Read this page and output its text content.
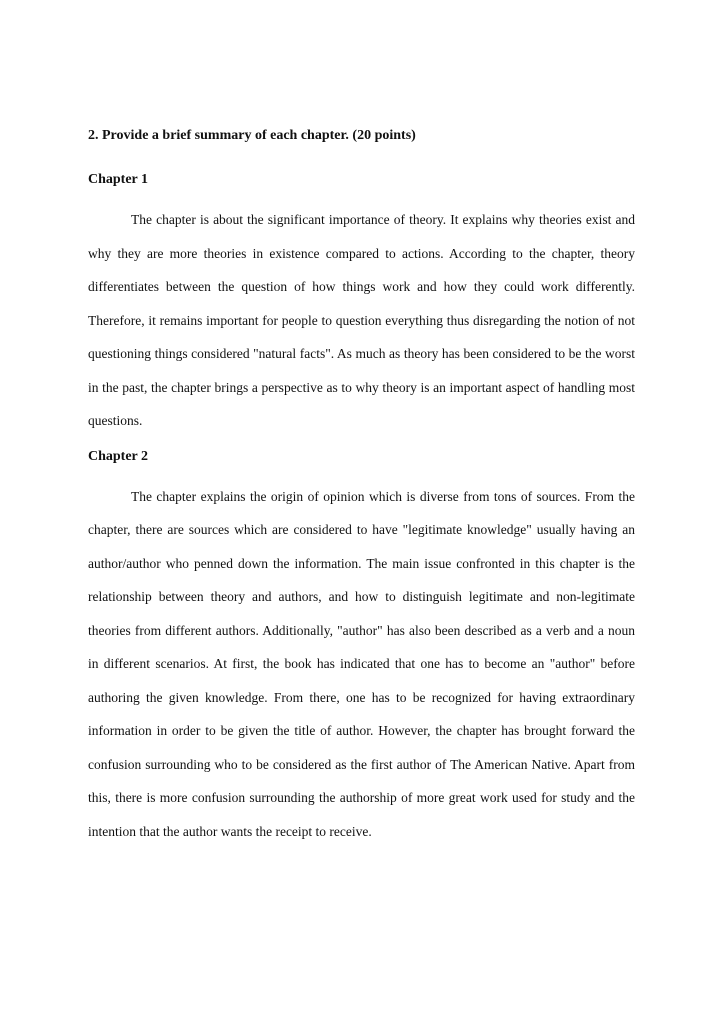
2. Provide a brief summary of each chapter. (20 points)

Chapter 1

The chapter is about the significant importance of theory. It explains why theories exist and why they are more theories in existence compared to actions. According to the chapter, theory differentiates between the question of how things work and how they could work differently. Therefore, it remains important for people to question everything thus disregarding the notion of not questioning things considered "natural facts". As much as theory has been considered to be the worst in the past, the chapter brings a perspective as to why theory is an important aspect of handling most questions.

Chapter 2

The chapter explains the origin of opinion which is diverse from tons of sources. From the chapter, there are sources which are considered to have "legitimate knowledge" usually having an author/author who penned down the information. The main issue confronted in this chapter is the relationship between theory and authors, and how to distinguish legitimate and non-legitimate theories from different authors. Additionally, "author" has also been described as a verb and a noun in different scenarios. At first, the book has indicated that one has to become an "author" before authoring the given knowledge. From there, one has to be recognized for having extraordinary information in order to be given the title of author. However, the chapter has brought forward the confusion surrounding who to be considered as the first author of The American Native. Apart from this, there is more confusion surrounding the authorship of more great work used for study and the intention that the author wants the receipt to receive.
